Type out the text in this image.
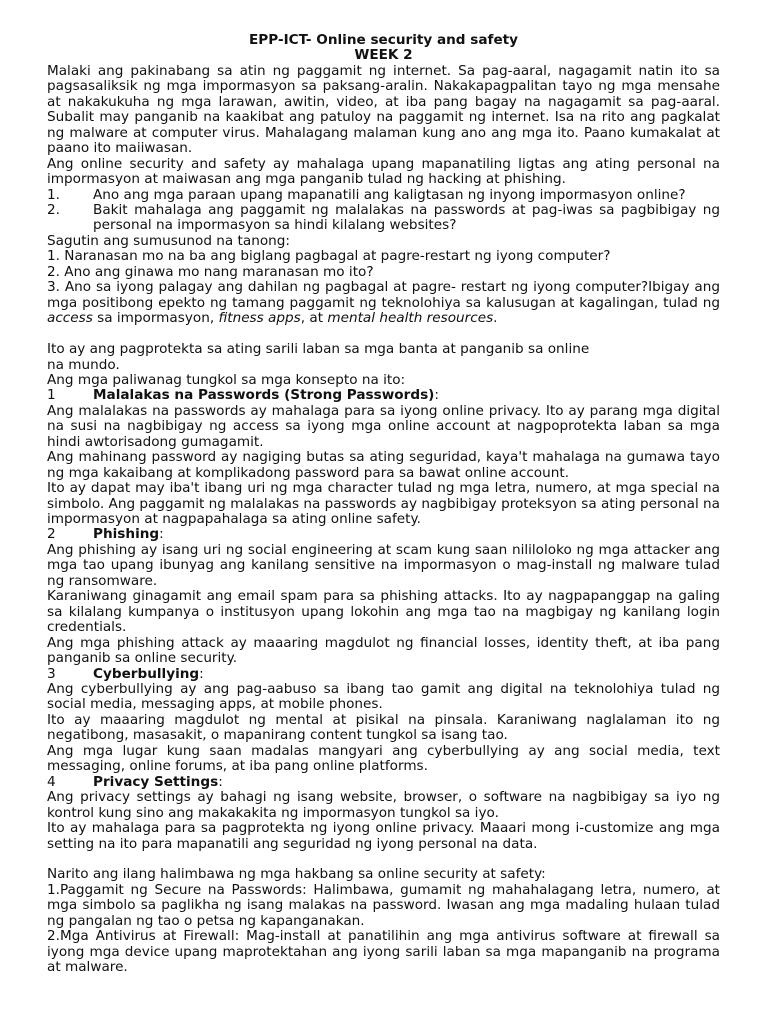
EPP-ICT- Online security and safety
WEEK 2
Malaki ang pakinabang sa atin ng paggamit ng internet. Sa pag-aaral, nagagamit natin ito sa pagsasaliksik ng mga impormasyon sa paksang-aralin. Nakakapagpalitan tayo ng mga mensahe at nakakukuha ng mga larawan, awitin, video, at iba pang bagay na nagagamit sa pag-aaral. Subalit may panganib na kaakibat ang patuloy na paggamit ng internet. Isa na rito ang pagkalat ng malware at computer virus. Mahalagang malaman kung ano ang mga ito. Paano kumakalat at paano ito maiiwasan.
Ang online security and safety ay mahalaga upang mapanatiling ligtas ang ating personal na impormasyon at maiwasan ang mga panganib tulad ng hacking at phishing.
1.	Ano ang mga paraan upang mapanatili ang kaligtasan ng inyong impormasyon online?
2.	Bakit mahalaga ang paggamit ng malalakas na passwords at pag-iwas sa pagbibigay ng personal na impormasyon sa hindi kilalang websites?
Sagutin ang sumusunod na tanong:
1. Naranasan mo na ba ang biglang pagbagal at pagre-restart ng iyong computer?
2. Ano ang ginawa mo nang maranasan mo ito?
3. Ano sa iyong palagay ang dahilan ng pagbagal at pagre- restart ng iyong computer?Ibigay ang mga positibong epekto ng tamang paggamit ng teknolohiya sa kalusugan at kagalingan, tulad ng access sa impormasyon, fitness apps, at mental health resources.
Ito ay ang pagprotekta sa ating sarili laban sa mga banta at panganib sa online
na mundo.
Ang mga paliwanag tungkol sa mga konsepto na ito:
1	Malalakas na Passwords (Strong Passwords):
Ang malalakas na passwords ay mahalaga para sa iyong online privacy. Ito ay parang mga digital na susi na nagbibigay ng access sa iyong mga online account at nagpoprotekta laban sa mga hindi awtorisadong gumagamit.
Ang mahinang password ay nagiging butas sa ating seguridad, kaya't mahalaga na gumawa tayo ng mga kakaibang at komplikadong password para sa bawat online account.
Ito ay dapat may iba't ibang uri ng mga character tulad ng mga letra, numero, at mga special na simbolo. Ang paggamit ng malalakas na passwords ay nagbibigay proteksyon sa ating personal na impormasyon at nagpapahalaga sa ating online safety.
2	Phishing:
Ang phishing ay isang uri ng social engineering at scam kung saan nililoloko ng mga attacker ang mga tao upang ibunyag ang kanilang sensitive na impormasyon o mag-install ng malware tulad ng ransomware.
Karaniwang ginagamit ang email spam para sa phishing attacks. Ito ay nagpapanggap na galing sa kilalang kumpanya o institusyon upang lokohin ang mga tao na magbigay ng kanilang login credentials.
Ang mga phishing attack ay maaaring magdulot ng financial losses, identity theft, at iba pang panganib sa online security.
3	Cyberbullying:
Ang cyberbullying ay ang pag-aabuso sa ibang tao gamit ang digital na teknolohiya tulad ng social media, messaging apps, at mobile phones.
Ito ay maaaring magdulot ng mental at pisikal na pinsala. Karaniwang naglalaman ito ng negatibong, masasakit, o mapanirang content tungkol sa isang tao.
Ang mga lugar kung saan madalas mangyari ang cyberbullying ay ang social media, text messaging, online forums, at iba pang online platforms.
4	Privacy Settings:
Ang privacy settings ay bahagi ng isang website, browser, o software na nagbibigay sa iyo ng kontrol kung sino ang makakakita ng impormasyon tungkol sa iyo.
Ito ay mahalaga para sa pagprotekta ng iyong online privacy. Maaari mong i-customize ang mga setting na ito para mapanatili ang seguridad ng iyong personal na data.
Narito ang ilang halimbawa ng mga hakbang sa online security at safety:
1.Paggamit ng Secure na Passwords: Halimbawa, gumamit ng mahahalagang letra, numero, at mga simbolo sa paglikha ng isang malakas na password. Iwasan ang mga madaling hulaan tulad ng pangalan ng tao o petsa ng kapanganakan.
2.Mga Antivirus at Firewall: Mag-install at panatilihin ang mga antivirus software at firewall sa iyong mga device upang maprotektahan ang iyong sarili laban sa mga mapanganib na programa at malware.
